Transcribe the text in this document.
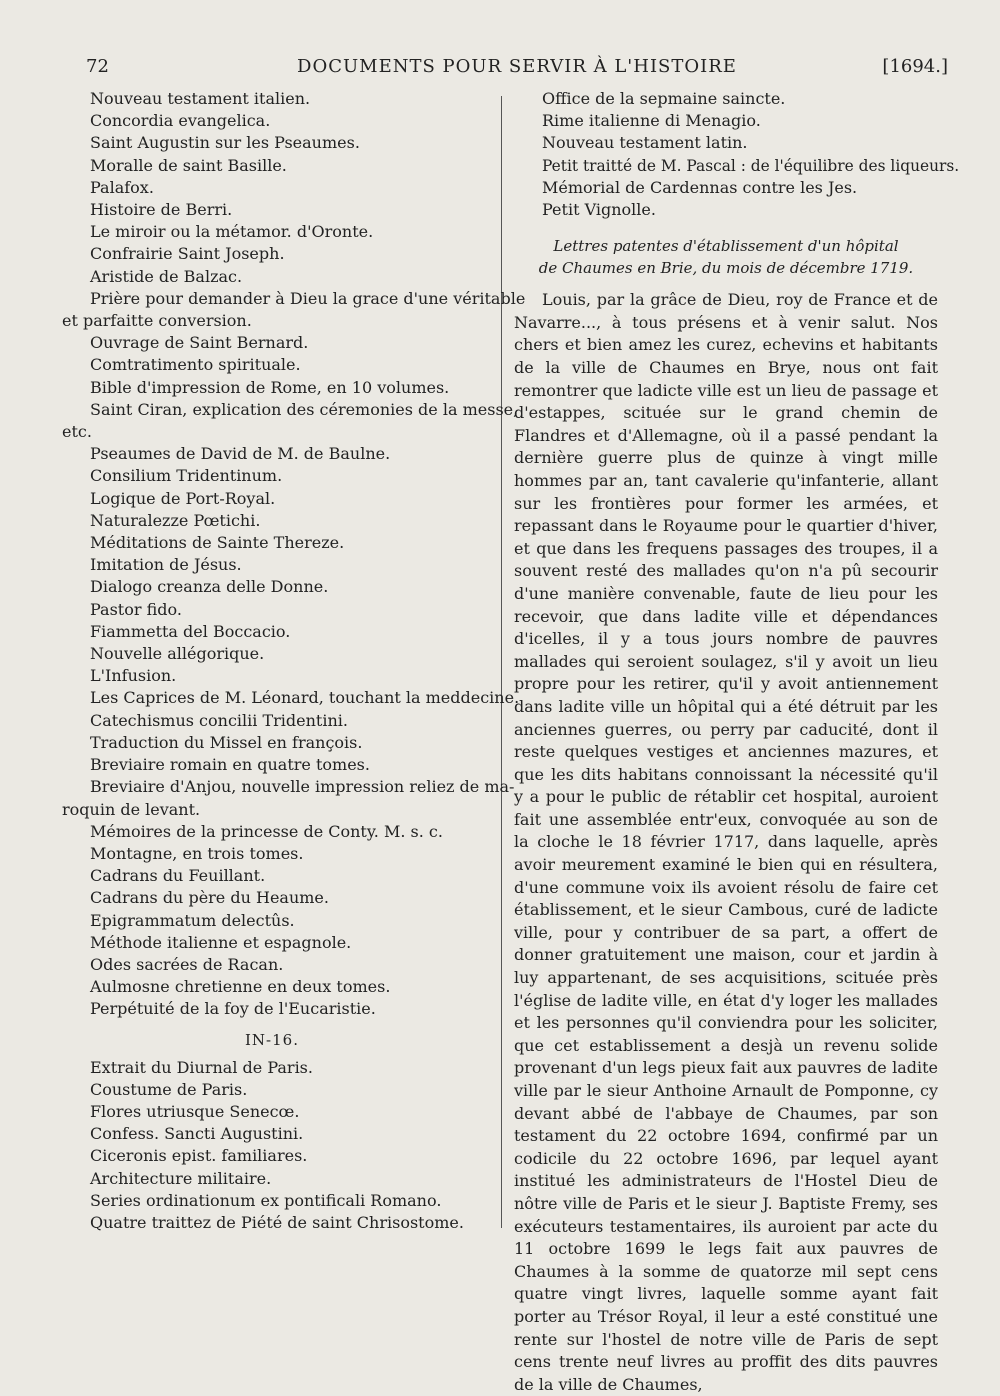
72	DOCUMENTS POUR SERVIR À L'HISTOIRE	[1694.]
Nouveau testament italien.
Concordia evangelica.
Saint Augustin sur les Pseaumes.
Moralle de saint Basille.
Palafox.
Histoire de Berri.
Le miroir ou la métamor. d'Oronte.
Confrairie Saint Joseph.
Aristide de Balzac.
Prière pour demander à Dieu la grace d'une véritable
et parfaitte conversion.
Ouvrage de Saint Bernard.
Comtratimento spirituale.
Bible d'impression de Rome, en 10 volumes.
Saint Ciran, explication des céremonies de la messe,
etc.
Pseaumes de David de M. de Baulne.
Consilium Tridentinum.
Logique de Port-Royal.
Naturalezze Pœtichi.
Méditations de Sainte Thereze.
Imitation de Jésus.
Dialogo creanza delle Donne.
Pastor fido.
Fiammetta del Boccacio.
Nouvelle allégorique.
L'Infusion.
Les Caprices de M. Léonard, touchant la meddecine.
Catechismus concilii Tridentini.
Traduction du Missel en françois.
Breviaire romain en quatre tomes.
Breviaire d'Anjou, nouvelle impression reliez de ma-
roquin de levant.
Mémoires de la princesse de Conty. M. s. c.
Montagne, en trois tomes.
Cadrans du Feuillant.
Cadrans du père du Heaume.
Epigrammatum delectûs.
Méthode italienne et espagnole.
Odes sacrées de Racan.
Aulmosne chretienne en deux tomes.
Perpétuité de la foy de l'Eucaristie.
IN-16.
Extrait du Diurnal de Paris.
Coustume de Paris.
Flores utriusque Senecœ.
Confess. Sancti Augustini.
Ciceronis epist. familiares.
Architecture militaire.
Series ordinationum ex pontificali Romano.
Quatre traittez de Piété de saint Chrisostome.
Office de la sepmaine saincte.
Rime italienne di Menagio.
Nouveau testament latin.
Petit traitté de M. Pascal : de l'équilibre des liqueurs.
Mémorial de Cardennas contre les Jes.
Petit Vignolle.
Lettres patentes d'établissement d'un hôpital
de Chaumes en Brie, du mois de décembre 1719.

Louis, par la grâce de Dieu, roy de France et de Navarre..., à tous présens et à venir salut. Nos chers et bien amez les curez, echevins et habitants de la ville de Chaumes en Brye, nous ont fait remontrer que ladicte ville est un lieu de passage et d'estappes, scituée sur le grand chemin de Flandres et d'Allemagne, où il a passé pendant la dernière guerre plus de quinze à vingt mille hommes par an, tant cavalerie qu'infanterie, allant sur les frontières pour former les armées, et repassant dans le Royaume pour le quartier d'hiver, et que dans les frequens passages des troupes, il a souvent resté des mallades qu'on n'a pû secourir d'une manière convenable, faute de lieu pour les recevoir, que dans ladite ville et dépendances d'icelles, il y a tous jours nombre de pauvres mallades qui seroient soulagez, s'il y avoit un lieu propre pour les retirer, qu'il y avoit antiennement dans ladite ville un hôpital qui a été détruit par les anciennes guerres, ou perry par caducité, dont il reste quelques vestiges et anciennes mazures, et que les dits habitans connoissant la nécessité qu'il y a pour le public de rétablir cet hospital, auroient fait une assemblée entr'eux, convoquée au son de la cloche le 18 février 1717, dans laquelle, après avoir meurement examiné le bien qui en résultera, d'une commune voix ils avoient résolu de faire cet établissement, et le sieur Cambous, curé de ladicte ville, pour y contribuer de sa part, a offert de donner gratuitement une maison, cour et jardin à luy appartenant, de ses acquisitions, scituée près l'église de ladite ville, en état d'y loger les mallades et les personnes qu'il conviendra pour les soliciter, que cet establissement a desjà un revenu solide provenant d'un legs pieux fait aux pauvres de ladite ville par le sieur Anthoine Arnault de Pomponne, cy devant abbé de l'abbaye de Chaumes, par son testament du 22 octobre 1694, confirmé par un codicile du 22 octobre 1696, par lequel ayant institué les administrateurs de l'Hostel Dieu de nôtre ville de Paris et le sieur J. Baptiste Fremy, ses exécuteurs testamentaires, ils auroient par acte du 11 octobre 1699 le legs fait aux pauvres de Chaumes à la somme de quatorze mil sept cens quatre vingt livres, laquelle somme ayant fait porter au Trésor Royal, il leur a esté constitué une rente sur l'hostel de notre ville de Paris de sept cens trente neuf livres au proffit des dits pauvres de la ville de Chaumes,
